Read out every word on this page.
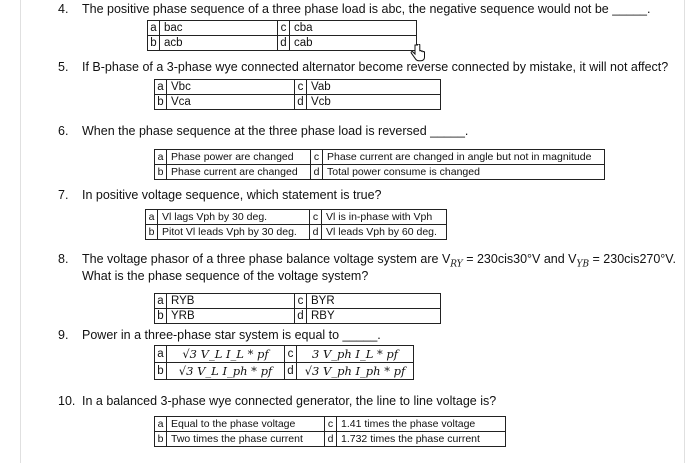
4. The positive phase sequence of a three phase load is abc, the negative sequence would not be _____.
a	bac	c	cba
b	acb	d	cab
5. If B-phase of a 3-phase wye connected alternator become reverse connected by mistake, it will not affect?
a	Vbc	c	Vab
b	Vca	d	Vcb
6. When the phase sequence at the three phase load is reversed _____.
a	Phase power are changed	c	Phase current are changed in angle but not in magnitude
b	Phase current are changed	d	Total power consume is changed
7. In positive voltage sequence, which statement is true?
a	Vl lags Vph by 30 deg.	c	Vl is in-phase with Vph
b	Pitot Vl leads Vph by 30 deg.	d	Vl leads Vph by 60 deg.
8. The voltage phasor of a three phase balance voltage system are $V_{RY} = 230cis30^\circ V$ and $V_{YB} = 230cis270^\circ V$.
What is the phase sequence of the voltage system?
a	RYB	c	BYR
b	YRB	d	RBY
9. Power in a three-phase star system is equal to _____.
a	√3 V_L I_L * pf	c	3 V_ph I_L * pf
b	√3 V_L I_ph * pf	d	√3 V_ph I_ph * pf
10. In a balanced 3-phase wye connected generator, the line to line voltage is?
a	Equal to the phase voltage	c	1.41 times the phase voltage
b	Two times the phase current	d	1.732 times the phase current
